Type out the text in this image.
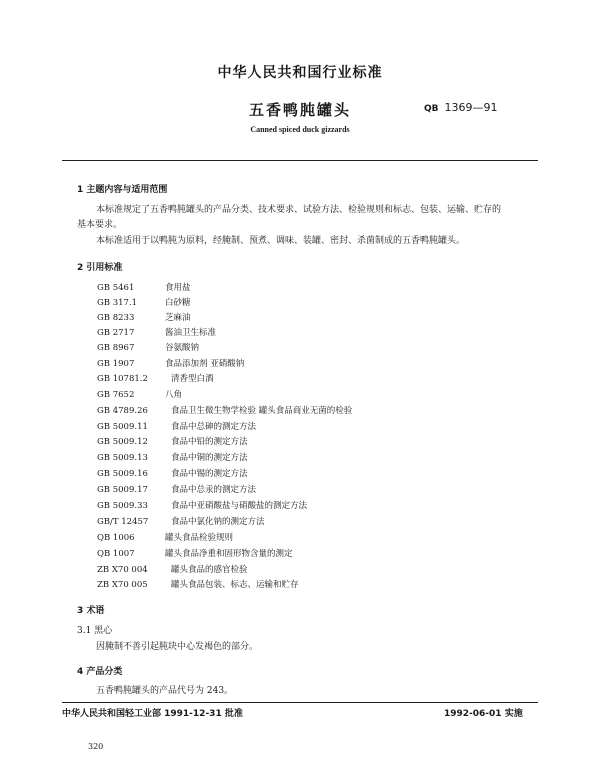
中华人民共和国行业标准
五香鸭肫罐头	QB 1369—91
Canned spiced duck gizzards
1 主题内容与适用范围
本标准规定了五香鸭肫罐头的产品分类、技术要求、试验方法、检验规则和标志、包装、运输、贮存的
基本要求。
本标准适用于以鸭肫为原料，经腌制、预煮、调味、装罐、密封、杀菌制成的五香鸭肫罐头。
2 引用标准
GB 5461	食用盐
GB 317.1	白砂糖
GB 8233	芝麻油
GB 2717	酱油卫生标准
GB 8967	谷氨酸钠
GB 1907	食品添加剂 亚硝酸钠
GB 10781.2	清香型白酒
GB 7652	八角
GB 4789.26	食品卫生微生物学检验 罐头食品商业无菌的检验
GB 5009.11	食品中总砷的测定方法
GB 5009.12	食品中铅的测定方法
GB 5009.13	食品中铜的测定方法
GB 5009.16	食品中锡的测定方法
GB 5009.17	食品中总汞的测定方法
GB 5009.33	食品中亚硝酸盐与硝酸盐的测定方法
GB/T 12457	食品中氯化钠的测定方法
QB 1006	罐头食品检验规则
QB 1007	罐头食品净重和固形物含量的测定
ZB X70 004	罐头食品的感官检验
ZB X70 005	罐头食品包装、标志、运输和贮存
3 术语
3.1 黑心
因腌制不善引起肫块中心发褐色的部分。
4 产品分类
五香鸭肫罐头的产品代号为 243。
中华人民共和国轻工业部 1991-12-31 批准	1992-06-01 实施
320
